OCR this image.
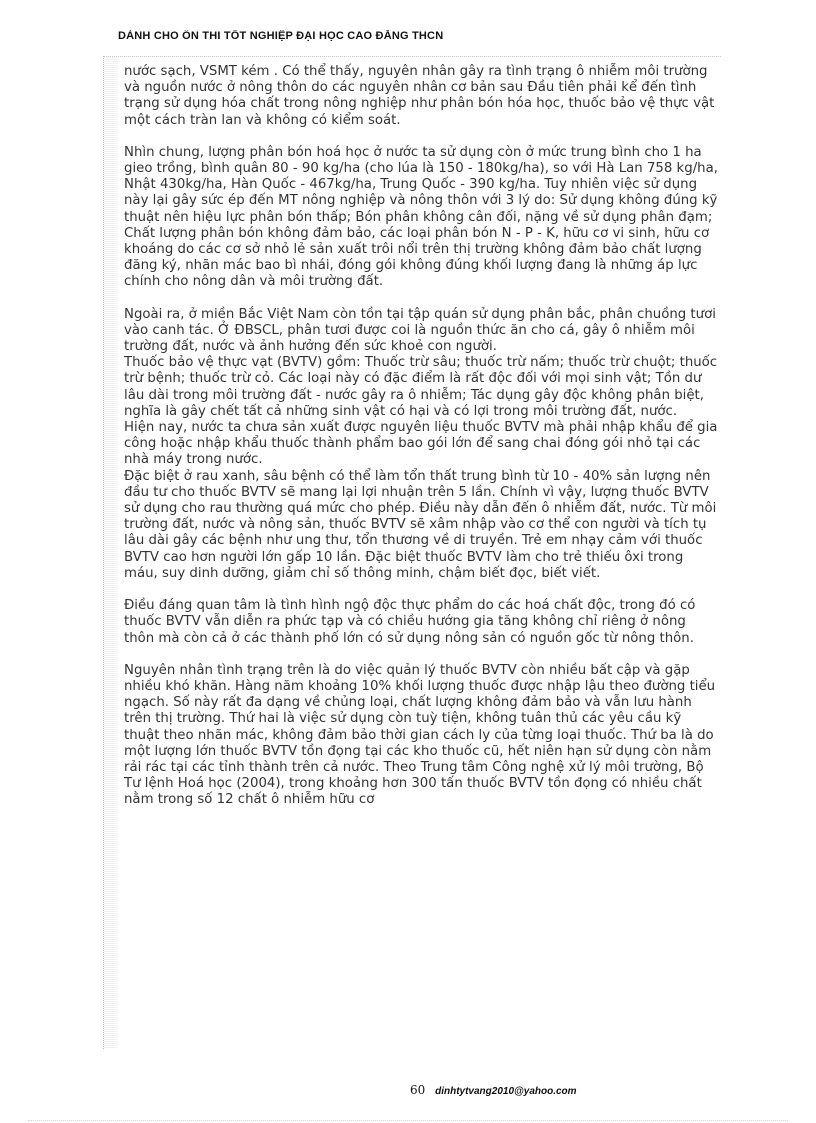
DÀNH CHO ÔN THI TỐT NGHIỆP ĐẠI HỌC CAO ĐẲNG THCN

nước sạch, VSMT kém . Có thể thấy, nguyên nhân gây ra tình trạng ô nhiễm môi trường và nguồn nước ở nông thôn do các nguyên nhân cơ bản sau Đầu tiên phải kể đến tình trạng sử dụng hóa chất trong nông nghiệp như phân bón hóa học, thuốc bảo vệ thực vật một cách tràn lan và không có kiểm soát.

Nhìn chung, lượng phân bón hoá học ở nước ta sử dụng còn ở mức trung bình cho 1 ha gieo trồng, bình quân 80 - 90 kg/ha (cho lúa là 150 - 180kg/ha), so với Hà Lan 758 kg/ha, Nhật 430kg/ha, Hàn Quốc - 467kg/ha, Trung Quốc - 390 kg/ha. Tuy nhiên việc sử dụng này lại gây sức ép đến MT nông nghiệp và nông thôn với 3 lý do: Sử dụng không đúng kỹ thuật nên hiệu lực phân bón thấp; Bón phân không cân đối, nặng về sử dụng phân đạm; Chất lượng phân bón không đảm bảo, các loại phân bón N - P - K, hữu cơ vi sinh, hữu cơ khoáng do các cơ sở nhỏ lẻ sản xuất trôi nổi trên thị trường không đảm bảo chất lượng đăng ký, nhãn mác bao bì nhái, đóng gói không đúng khối lượng đang là những áp lực chính cho nông dân và môi trường đất.

Ngoài ra, ở miền Bắc Việt Nam còn tồn tại tập quán sử dụng phân bắc, phân chuồng tươi vào canh tác. Ở ĐBSCL, phân tươi được coi là nguồn thức ăn cho cá, gây ô nhiễm môi trường đất, nước và ảnh hưởng đến sức khoẻ con người.

Thuốc bảo vệ thực vạt (BVTV) gồm: Thuốc trừ sâu; thuốc trừ nấm; thuốc trừ chuột; thuốc trừ bệnh; thuốc trừ cỏ. Các loại này có đặc điểm là rất độc đối với mọi sinh vật; Tồn dư lâu dài trong môi trường đất - nước gây ra ô nhiễm; Tác dụng gây độc không phân biệt, nghĩa là gây chết tất cả những sinh vật có hại và có lợi trong môi trường đất, nước.

Hiện nay, nước ta chưa sản xuất được nguyên liệu thuốc BVTV mà phải nhập khẩu để gia công hoặc nhập khẩu thuốc thành phẩm bao gói lớn để sang chai đóng gói nhỏ tại các nhà máy trong nước.

Đặc biệt ở rau xanh, sâu bệnh có thể làm tổn thất trung bình từ 10 - 40% sản lượng nên đầu tư cho thuốc BVTV sẽ mang lại lợi nhuận trên 5 lần. Chính vì vậy, lượng thuốc BVTV sử dụng cho rau thường quá mức cho phép. Điều này dẫn đến ô nhiễm đất, nước. Từ môi trường đất, nước và nông sản, thuốc BVTV sẽ xâm nhập vào cơ thể con người và tích tụ lâu dài gây các bệnh như ung thư, tổn thương về di truyền. Trẻ em nhạy cảm với thuốc BVTV cao hơn người lớn gấp 10 lần. Đặc biệt thuốc BVTV làm cho trẻ thiếu ôxi trong máu, suy dinh dưỡng, giảm chỉ số thông minh, chậm biết đọc, biết viết.

Điều đáng quan tâm là tình hình ngộ độc thực phẩm do các hoá chất độc, trong đó có thuốc BVTV vẫn diễn ra phức tạp và có chiều hướng gia tăng không chỉ riêng ở nông thôn mà còn cả ở các thành phố lớn có sử dụng nông sản có nguồn gốc từ nông thôn.

Nguyên nhân tình trạng trên là do việc quản lý thuốc BVTV còn nhiều bất cập và gặp nhiều khó khăn. Hàng năm khoảng 10% khối lượng thuốc được nhập lậu theo đường tiểu ngạch. Số này rất đa dạng về chủng loại, chất lượng không đảm bảo và vẫn lưu hành trên thị trường. Thứ hai là việc sử dụng còn tuỳ tiện, không tuân thủ các yêu cầu kỹ thuật theo nhãn mác, không đảm bảo thời gian cách ly của từng loại thuốc. Thứ ba là do một lượng lớn thuốc BVTV tồn đọng tại các kho thuốc cũ, hết niên hạn sử dụng còn nằm rải rác tại các tỉnh thành trên cả nước. Theo Trung tâm Công nghệ xử lý môi trường, Bộ Tư lệnh Hoá học (2004), trong khoảng hơn 300 tấn thuốc BVTV tồn đọng có nhiều chất nằm trong số 12 chất ô nhiễm hữu cơ

60 dinhtytvang2010@yahoo.com
